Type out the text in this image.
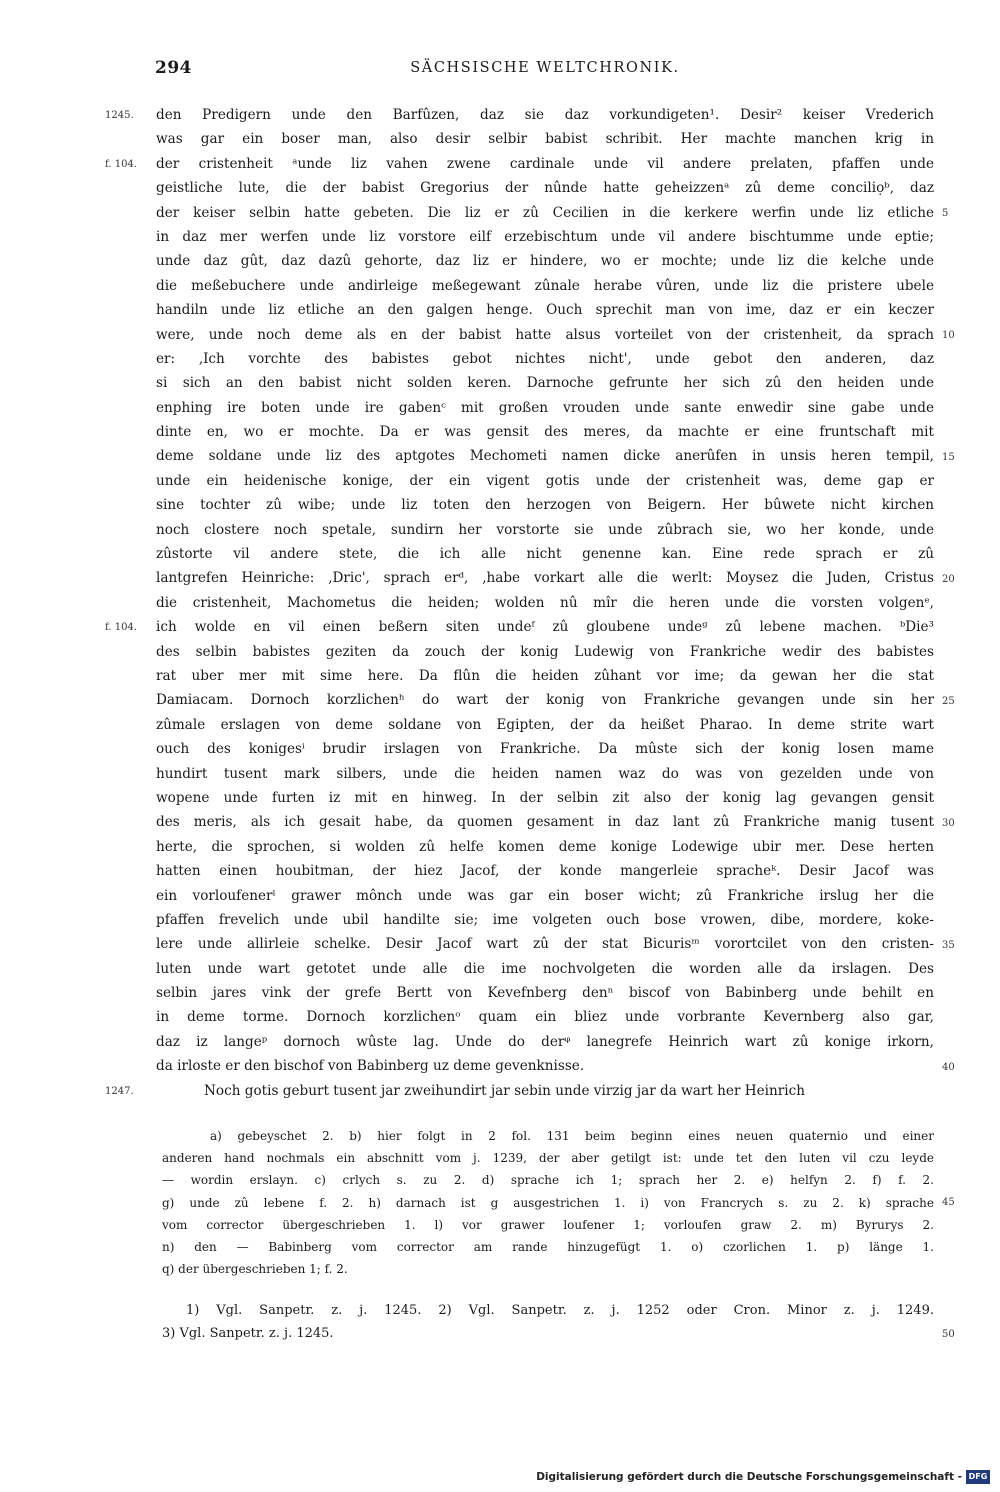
294	SÄCHSISCHE WELTCHRONIK.
den Predigern unde den Barfûzen, daz sie daz vorkundigeten¹. Desir² keiser Vrederich
was gar ein boser man, also desir selbir babist schribit. Her machte manchen krig in
der cristenheit ᵃunde liz vahen zwene cardinale unde vil andere prelaten, pfaffen unde
geistliche lute, die der babist Gregorius der nûnde hatte geheizzenᵃ zû deme conciliọᵇ, daz
der keiser selbin hatte gebeten. Die liz er zû Cecilien in die kerkere werfin unde liz etliche
in daz mer werfen unde liz vorstore eilf erzebischtum unde vil andere bischtumme unde eptie;
unde daz gût, daz dazû gehorte, daz liz er hindere, wo er mochte; unde liz die kelche unde
die meßebuchere unde andirleige meßegewant zûnale herabe vûren, unde liz die pristere ubele
handiln unde liz etliche an den galgen henge. Ouch sprechit man von ime, daz er ein keczer
were, unde noch deme als en der babist hatte alsus vorteilet von der cristenheit, da sprach
er: ‚Ich vorchte des babistes gebot nichtes nicht', unde gebot den anderen, daz
si sich an den babist nicht solden keren. Darnoche gefrunte her sich zû den heiden unde
enphing ire boten unde ire gabenᶜ mit großen vrouden unde sante enwedir sine gabe unde
dinte en, wo er mochte. Da er was gensit des meres, da machte er eine fruntschaft mit
deme soldane unde liz des aptgotes Mechometi namen dicke anerûfen in unsis heren tempil,
unde ein heidenische konige, der ein vigent gotis unde der cristenheit was, deme gap er
sine tochter zû wibe; unde liz toten den herzogen von Beigern. Her bûwete nicht kirchen
noch clostere noch spetale, sundirn her vorstorte sie unde zûbrach sie, wo her konde, unde
zûstorte vil andere stete, die ich alle nicht genenne kan. Eine rede sprach er zû
lantgrefen Heinriche: ‚Dric', sprach erᵈ, ‚habe vorkart alle die werlt: Moysez die Juden, Cristus
die cristenheit, Machometus die heiden; wolden nû mîr die heren unde die vorsten volgenᵉ,
ich wolde en vil einen beßern siten undeᶠ zû gloubene undeᵍ zû lebene machen. ᵇDie³
des selbin babistes geziten da zouch der konig Ludewig von Frankriche wedir des babistes
rat uber mer mit sime here. Da flûn die heiden zûhant vor ime; da gewan her die stat
Damiacam. Dornoch korzlichenʰ do wart der konig von Frankriche gevangen unde sin her
zûmale erslagen von deme soldane von Egipten, der da heißet Pharao. In deme strite wart
ouch des konigesⁱ brudir irslagen von Frankriche. Da mûste sich der konig losen mame
hundirt tusent mark silbers, unde die heiden namen waz do was von gezelden unde von
wopene unde furten iz mit en hinweg. In der selbin zit also der konig lag gevangen gensit
des meris, als ich gesait habe, da quomen gesament in daz lant zû Frankriche manig tusent
herte, die sprochen, si wolden zû helfe komen deme konige Lodewige ubir mer. Dese herten
hatten einen houbitman, der hiez Jacof, der konde mangerleie spracheᵏ. Desir Jacof was
ein vorloufenerˡ grawer mônch unde was gar ein boser wicht; zû Frankriche irslug her die
pfaffen frevelich unde ubil handilte sie; ime volgeten ouch bose vrowen, dibe, mordere, koke-
lere unde allirleie schelke. Desir Jacof wart zû der stat Bicuris​ᵐ vorortcilet von den cristen-
luten unde wart getotet unde alle die ime nochvolgeten die worden alle da irslagen. Des
selbin jares vink der grefe Bertt von Kevefnberg denⁿ biscof von Babinberg unde behilt en
in deme torme. Dornoch korzlichenᵒ quam ein bliez unde vorbrante Kevernberg also gar,
daz iz langeᵖ dornoch wûste lag. Unde do derᵠ lanegrefe Heinrich wart zû konige irkorn,
da irloste er den bischof von Babinberg uz deme gevenknisse.
Noch gotis geburt tusent jar zweihundirt jar sebin unde virzig jar da wart her Heinrich
1245.
f. 104.
f. 104.
1247.
5
10
15
20
25
30
35
40
45
50
a) gebeyschet 2. b) hier folgt in 2 fol. 131 beim beginn eines neuen quaternio und einer
anderen hand nochmals ein abschnitt vom j. 1239, der aber getilgt ist: unde tet den luten vil czu leyde
— wordin erslayn. c) crlych s. zu 2. d) sprache ich 1; sprach her 2. e) helfyn 2. f) f. 2.
g) unde zû lebene f. 2. h) darnach ist g ausgestrichen 1. i) von Francrych s. zu 2. k) sprache
vom corrector übergeschrieben 1. l) vor grawer loufener 1; vorloufen graw 2. m) Byrurys 2.
n) den — Babinberg vom corrector am rande hinzugefügt 1. o) czorlichen 1. p) länge 1.
q) der übergeschrieben 1; f. 2.
1) Vgl. Sanpetr. z. j. 1245. 2) Vgl. Sanpetr. z. j. 1252 oder Cron. Minor z. j. 1249.
3) Vgl. Sanpetr. z. j. 1245.
Digitalisierung gefördert durch die Deutsche Forschungsgemeinschaft - DFG
